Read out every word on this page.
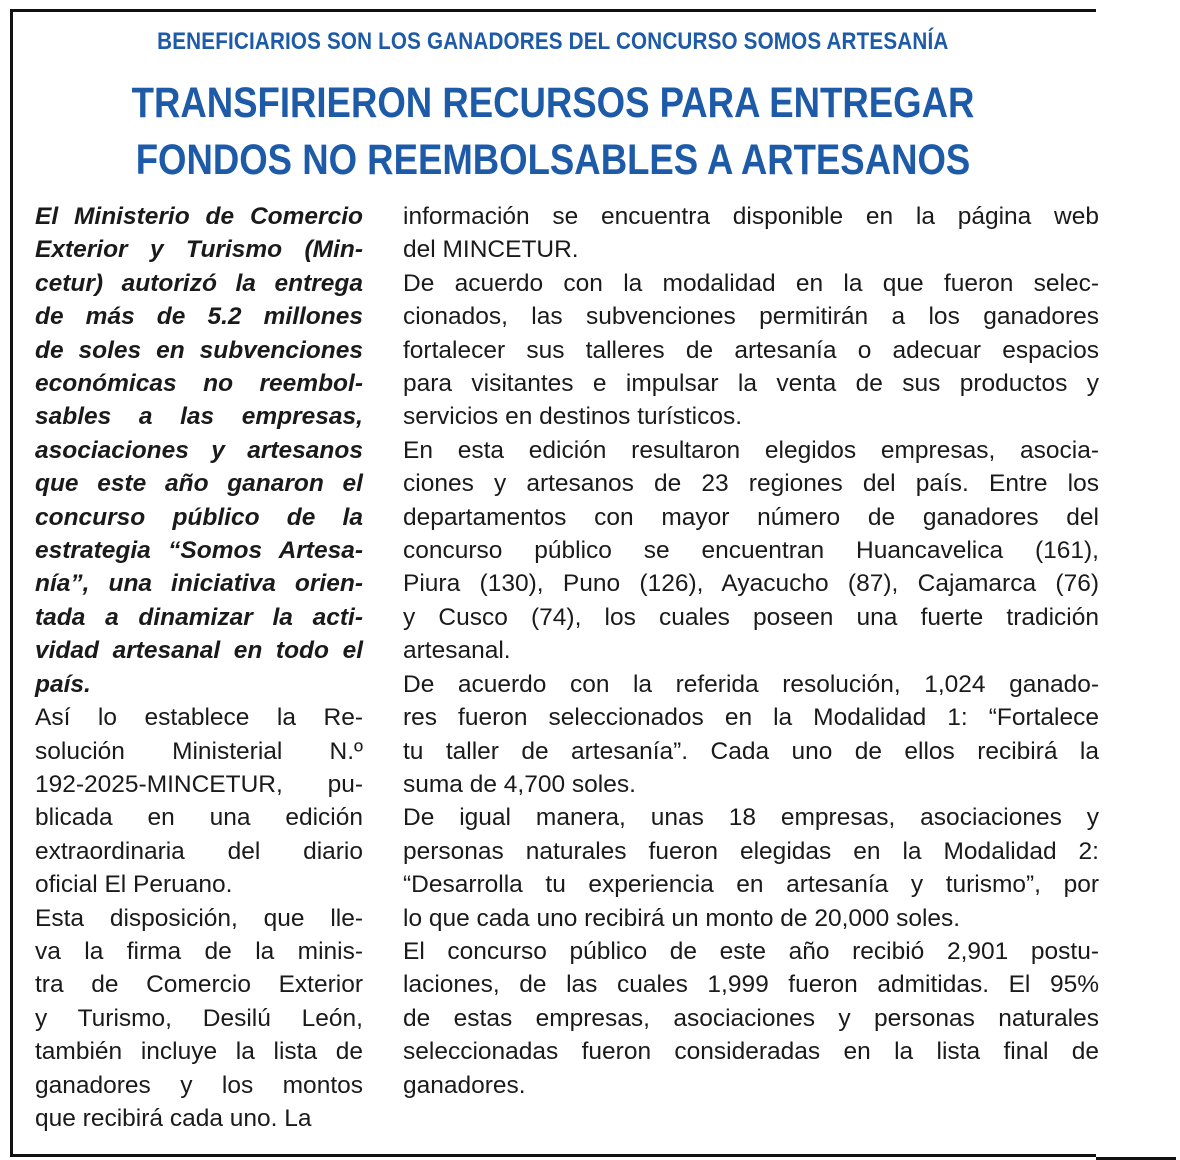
BENEFICIARIOS SON LOS GANADORES DEL CONCURSO SOMOS ARTESANÍA
TRANSFIRIERON RECURSOS PARA ENTREGAR
FONDOS NO REEMBOLSABLES A ARTESANOS
El Ministerio de Comercio
Exterior y Turismo (Min-
cetur) autorizó la entrega
de más de 5.2 millones
de soles en subvenciones
económicas no reembol-
sables a las empresas,
asociaciones y artesanos
que este año ganaron el
concurso público de la
estrategia “Somos Artesa-
nía”, una iniciativa orien-
tada a dinamizar la acti-
vidad artesanal en todo el
país.
Así lo establece la Re-
solución Ministerial N.º
192-2025-MINCETUR, pu-
blicada en una edición
extraordinaria del diario
oficial El Peruano.
Esta disposición, que lle-
va la firma de la minis-
tra de Comercio Exterior
y Turismo, Desilú León,
también incluye la lista de
ganadores y los montos
que recibirá cada uno. La
información se encuentra disponible en la página web
del MINCETUR.
De acuerdo con la modalidad en la que fueron selec-
cionados, las subvenciones permitirán a los ganadores
fortalecer sus talleres de artesanía o adecuar espacios
para visitantes e impulsar la venta de sus productos y
servicios en destinos turísticos.
En esta edición resultaron elegidos empresas, asocia-
ciones y artesanos de 23 regiones del país. Entre los
departamentos con mayor número de ganadores del
concurso público se encuentran Huancavelica (161),
Piura (130), Puno (126), Ayacucho (87), Cajamarca (76)
y Cusco (74), los cuales poseen una fuerte tradición
artesanal.
De acuerdo con la referida resolución, 1,024 ganado-
res fueron seleccionados en la Modalidad 1: “Fortalece
tu taller de artesanía”. Cada uno de ellos recibirá la
suma de 4,700 soles.
De igual manera, unas 18 empresas, asociaciones y
personas naturales fueron elegidas en la Modalidad 2:
“Desarrolla tu experiencia en artesanía y turismo”, por
lo que cada uno recibirá un monto de 20,000 soles.
El concurso público de este año recibió 2,901 postu-
laciones, de las cuales 1,999 fueron admitidas. El 95%
de estas empresas, asociaciones y personas naturales
seleccionadas fueron consideradas en la lista final de
ganadores.
